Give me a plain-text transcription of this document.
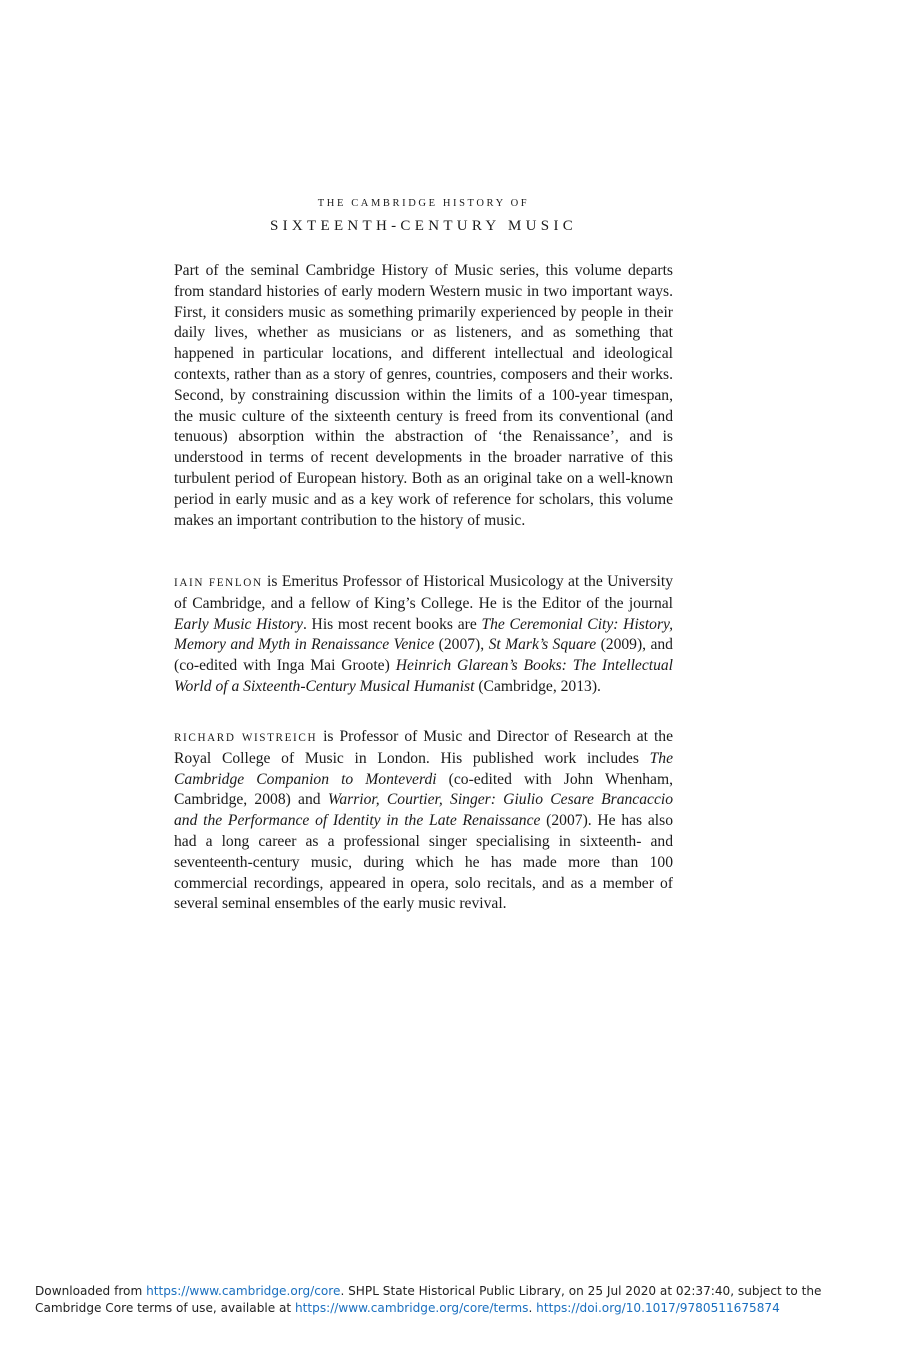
THE CAMBRIDGE HISTORY OF
SIXTEENTH-CENTURY MUSIC
Part of the seminal Cambridge History of Music series, this volume departs from standard histories of early modern Western music in two important ways. First, it considers music as something primarily experienced by people in their daily lives, whether as musicians or as listeners, and as something that happened in particular locations, and different intellectual and ideological contexts, rather than as a story of genres, countries, composers and their works. Second, by constraining discussion within the limits of a 100-year timespan, the music culture of the sixteenth century is freed from its conventional (and tenuous) absorption within the abstraction of ‘the Renaissance’, and is understood in terms of recent developments in the broader narrative of this turbulent period of European history. Both as an original take on a well-known period in early music and as a key work of reference for scholars, this volume makes an important contribution to the history of music.
IAIN FENLON is Emeritus Professor of Historical Musicology at the University of Cambridge, and a fellow of King’s College. He is the Editor of the journal Early Music History. His most recent books are The Ceremonial City: History, Memory and Myth in Renaissance Venice (2007), St Mark’s Square (2009), and (co-edited with Inga Mai Groote) Heinrich Glarean’s Books: The Intellectual World of a Sixteenth-Century Musical Humanist (Cambridge, 2013).
RICHARD WISTREICH is Professor of Music and Director of Research at the Royal College of Music in London. His published work includes The Cambridge Companion to Monteverdi (co-edited with John Whenham, Cambridge, 2008) and Warrior, Courtier, Singer: Giulio Cesare Brancaccio and the Performance of Identity in the Late Renaissance (2007). He has also had a long career as a professional singer specialising in sixteenth- and seventeenth-century music, during which he has made more than 100 commercial recordings, appeared in opera, solo recitals, and as a member of several seminal ensembles of the early music revival.
Downloaded from https://www.cambridge.org/core. SHPL State Historical Public Library, on 25 Jul 2020 at 02:37:40, subject to the Cambridge Core terms of use, available at https://www.cambridge.org/core/terms. https://doi.org/10.1017/9780511675874
